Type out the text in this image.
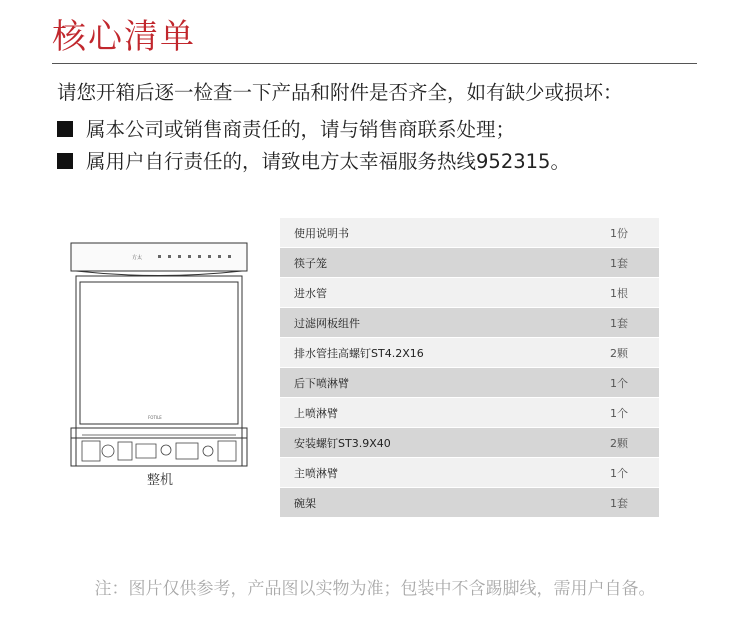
核心清单
请您开箱后逐一检查一下产品和附件是否齐全，如有缺少或损坏：
属本公司或销售商责任的，请与销售商联系处理；
属用户自行责任的，请致电方太幸福服务热线952315。
方太
FOTILE
整机
使用说明书	1份
筷子笼	1套
进水管	1根
过滤网板组件	1套
排水管挂高螺钉ST4.2X16	2颗
后下喷淋臂	1个
上喷淋臂	1个
安装螺钉ST3.9X40	2颗
主喷淋臂	1个
碗架	1套
注：图片仅供参考，产品图以实物为准；包装中不含踢脚线，需用户自备。
